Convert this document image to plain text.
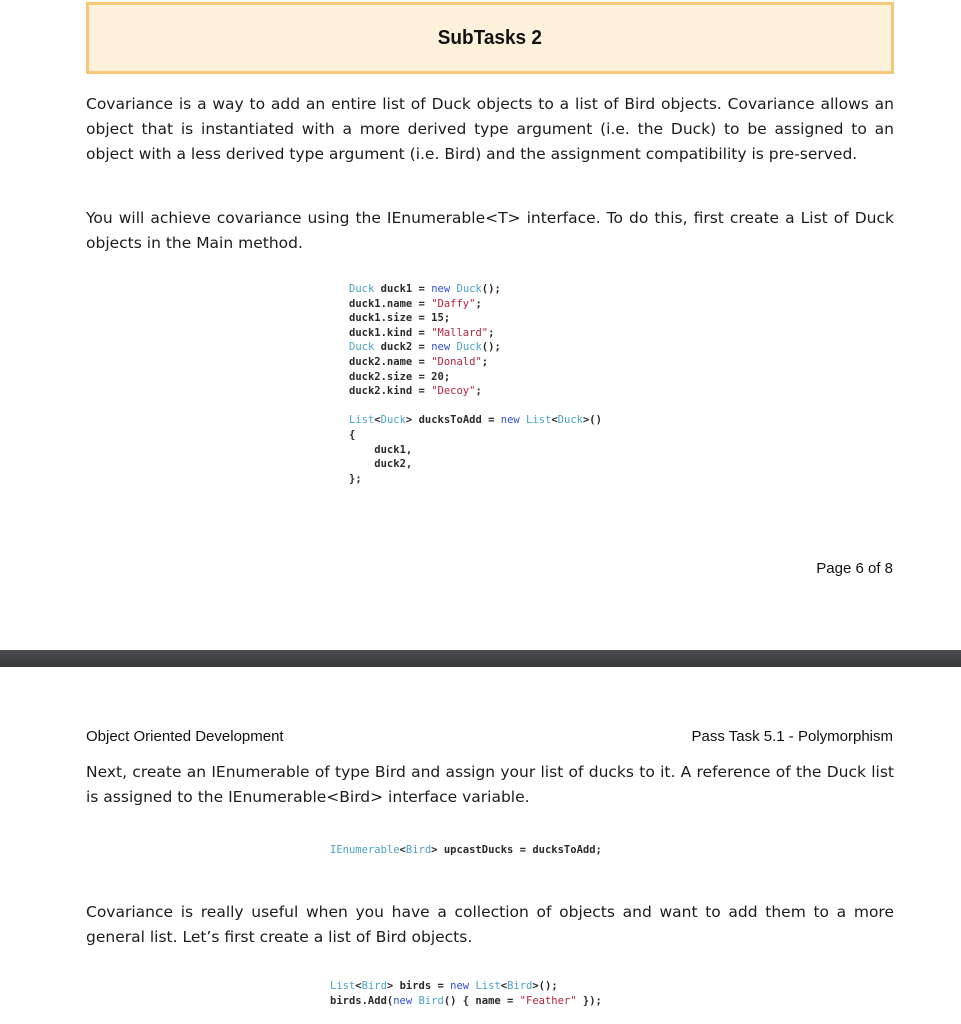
SubTasks 2

Covariance is a way to add an entire list of Duck objects to a list of Bird objects. Covariance allows an object that is instantiated with a more derived type argument (i.e. the Duck) to be assigned to an object with a less derived type argument (i.e. Bird) and the assignment compatibility is pre-served.

You will achieve covariance using the IEnumerable<T> interface. To do this, first create a List of Duck objects in the Main method.

Duck duck1 = new Duck();
duck1.name = "Daffy";
duck1.size = 15;
duck1.kind = "Mallard";
Duck duck2 = new Duck();
duck2.name = "Donald";
duck2.size = 20;
duck2.kind = "Decoy";

List<Duck> ducksToAdd = new List<Duck>()
{
duck1,
duck2,
};
Page 6 of 8
Object Oriented Development	Pass Task 5.1 - Polymorphism

Next, create an IEnumerable of type Bird and assign your list of ducks to it. A reference of the Duck list is assigned to the IEnumerable<Bird> interface variable.

IEnumerable<Bird> upcastDucks = ducksToAdd;

Covariance is really useful when you have a collection of objects and want to add them to a more general list. Let’s first create a list of Bird objects.

List<Bird> birds = new List<Bird>();
birds.Add(new Bird() { name = "Feather" });
